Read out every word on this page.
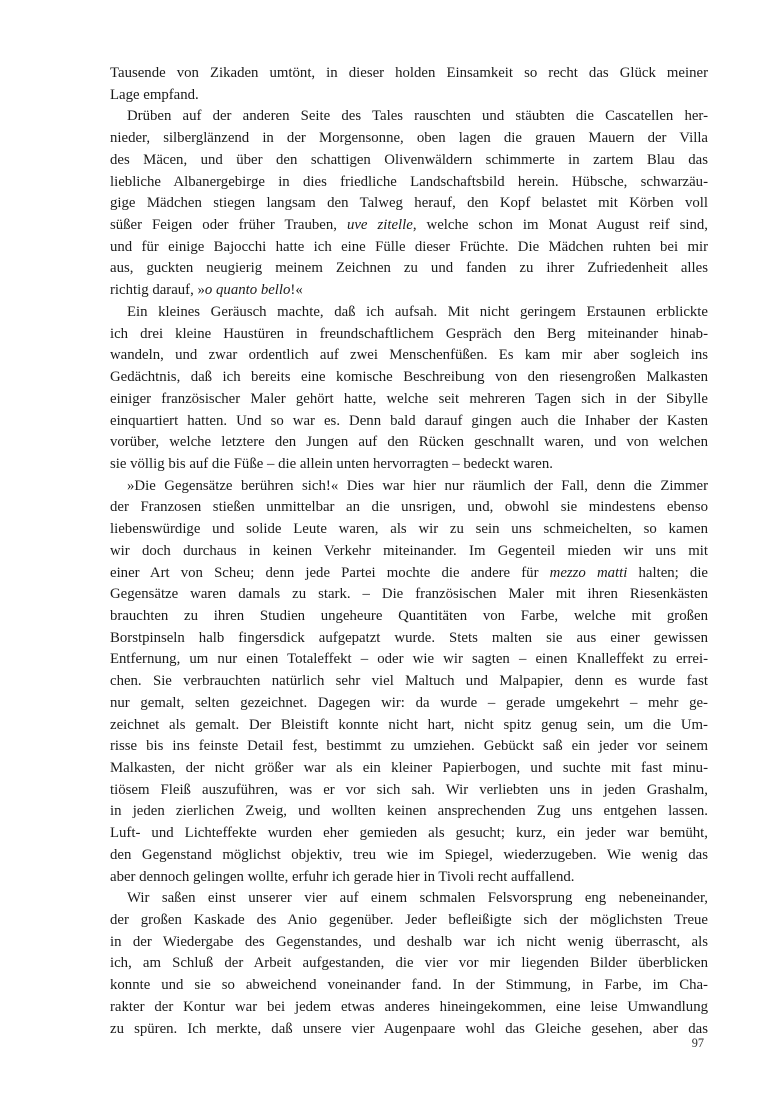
Tausende von Zikaden umtönt, in dieser holden Einsamkeit so recht das Glück meiner
Lage empfand.
Drüben auf der anderen Seite des Tales rauschten und stäubten die Cascatellen her-
nieder, silberglänzend in der Morgensonne, oben lagen die grauen Mauern der Villa
des Mäcen, und über den schattigen Olivenwäldern schimmerte in zartem Blau das
liebliche Albanergebirge in dies friedliche Landschaftsbild herein. Hübsche, schwarzäu-
gige Mädchen stiegen langsam den Talweg herauf, den Kopf belastet mit Körben voll
süßer Feigen oder früher Trauben, uve zitelle, welche schon im Monat August reif sind,
und für einige Bajocchi hatte ich eine Fülle dieser Früchte. Die Mädchen ruhten bei mir
aus, guckten neugierig meinem Zeichnen zu und fanden zu ihrer Zufriedenheit alles
richtig darauf, »o quanto bello!«
Ein kleines Geräusch machte, daß ich aufsah. Mit nicht geringem Erstaunen erblickte
ich drei kleine Haustüren in freundschaftlichem Gespräch den Berg miteinander hinab-
wandeln, und zwar ordentlich auf zwei Menschenfüßen. Es kam mir aber sogleich ins
Gedächtnis, daß ich bereits eine komische Beschreibung von den riesengroßen Malkasten
einiger französischer Maler gehört hatte, welche seit mehreren Tagen sich in der Sibylle
einquartiert hatten. Und so war es. Denn bald darauf gingen auch die Inhaber der Kasten
vorüber, welche letztere den Jungen auf den Rücken geschnallt waren, und von welchen
sie völlig bis auf die Füße – die allein unten hervorragten – bedeckt waren.
»Die Gegensätze berühren sich!« Dies war hier nur räumlich der Fall, denn die Zimmer
der Franzosen stießen unmittelbar an die unsrigen, und, obwohl sie mindestens ebenso
liebenswürdige und solide Leute waren, als wir zu sein uns schmeichelten, so kamen
wir doch durchaus in keinen Verkehr miteinander. Im Gegenteil mieden wir uns mit
einer Art von Scheu; denn jede Partei mochte die andere für mezzo matti halten; die
Gegensätze waren damals zu stark. – Die französischen Maler mit ihren Riesenkästen
brauchten zu ihren Studien ungeheure Quantitäten von Farbe, welche mit großen
Borstpinseln halb fingersdick aufgepatzt wurde. Stets malten sie aus einer gewissen
Entfernung, um nur einen Totaleffekt – oder wie wir sagten – einen Knalleffekt zu errei-
chen. Sie verbrauchten natürlich sehr viel Maltuch und Malpapier, denn es wurde fast
nur gemalt, selten gezeichnet. Dagegen wir: da wurde – gerade umgekehrt – mehr ge-
zeichnet als gemalt. Der Bleistift konnte nicht hart, nicht spitz genug sein, um die Um-
risse bis ins feinste Detail fest, bestimmt zu umziehen. Gebückt saß ein jeder vor seinem
Malkasten, der nicht größer war als ein kleiner Papierbogen, und suchte mit fast minu-
tiösem Fleiß auszuführen, was er vor sich sah. Wir verliebten uns in jeden Grashalm,
in jeden zierlichen Zweig, und wollten keinen ansprechenden Zug uns entgehen lassen.
Luft- und Lichteffekte wurden eher gemieden als gesucht; kurz, ein jeder war bemüht,
den Gegenstand möglichst objektiv, treu wie im Spiegel, wiederzugeben. Wie wenig das
aber dennoch gelingen wollte, erfuhr ich gerade hier in Tivoli recht auffallend.
Wir saßen einst unserer vier auf einem schmalen Felsvorsprung eng nebeneinander,
der großen Kaskade des Anio gegenüber. Jeder befleißigte sich der möglichsten Treue
in der Wiedergabe des Gegenstandes, und deshalb war ich nicht wenig überrascht, als
ich, am Schluß der Arbeit aufgestanden, die vier vor mir liegenden Bilder überblicken
konnte und sie so abweichend voneinander fand. In der Stimmung, in Farbe, im Cha-
rakter der Kontur war bei jedem etwas anderes hineingekommen, eine leise Umwandlung
zu spüren. Ich merkte, daß unsere vier Augenpaare wohl das Gleiche gesehen, aber das
97
